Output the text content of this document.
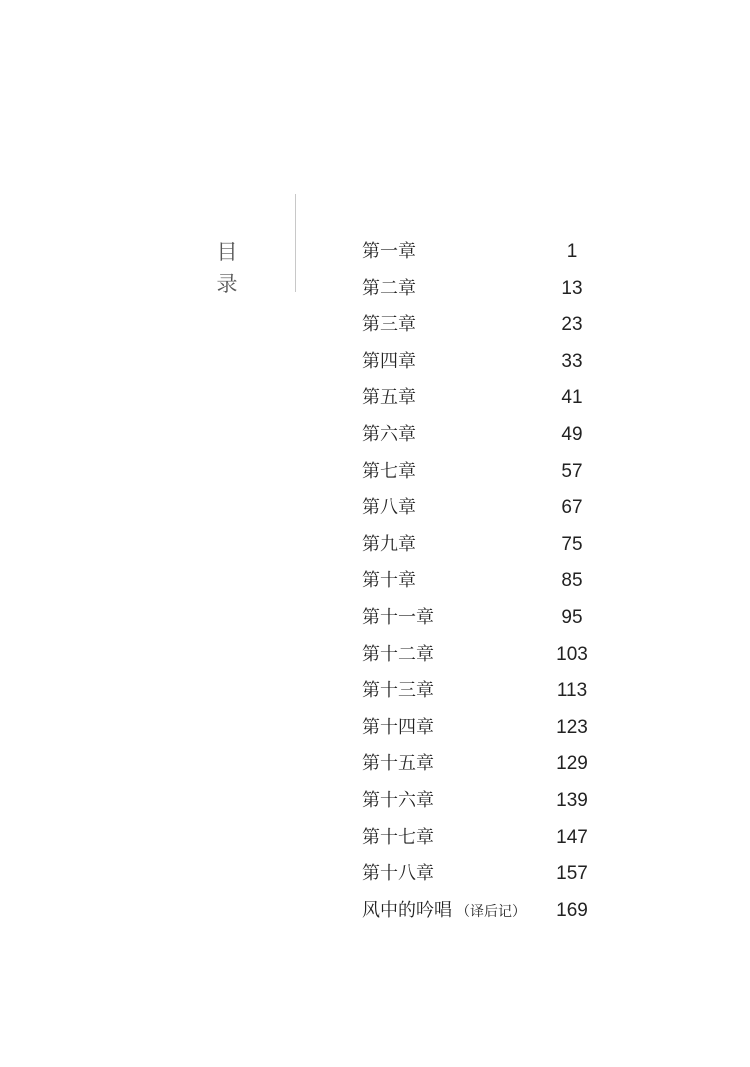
目
录
第一章	1
第二章	13
第三章	23
第四章	33
第五章	41
第六章	49
第七章	57
第八章	67
第九章	75
第十章	85
第十一章	95
第十二章	103
第十三章	113
第十四章	123
第十五章	129
第十六章	139
第十七章	147
第十八章	157
风中的吟唱 （译后记） 169
